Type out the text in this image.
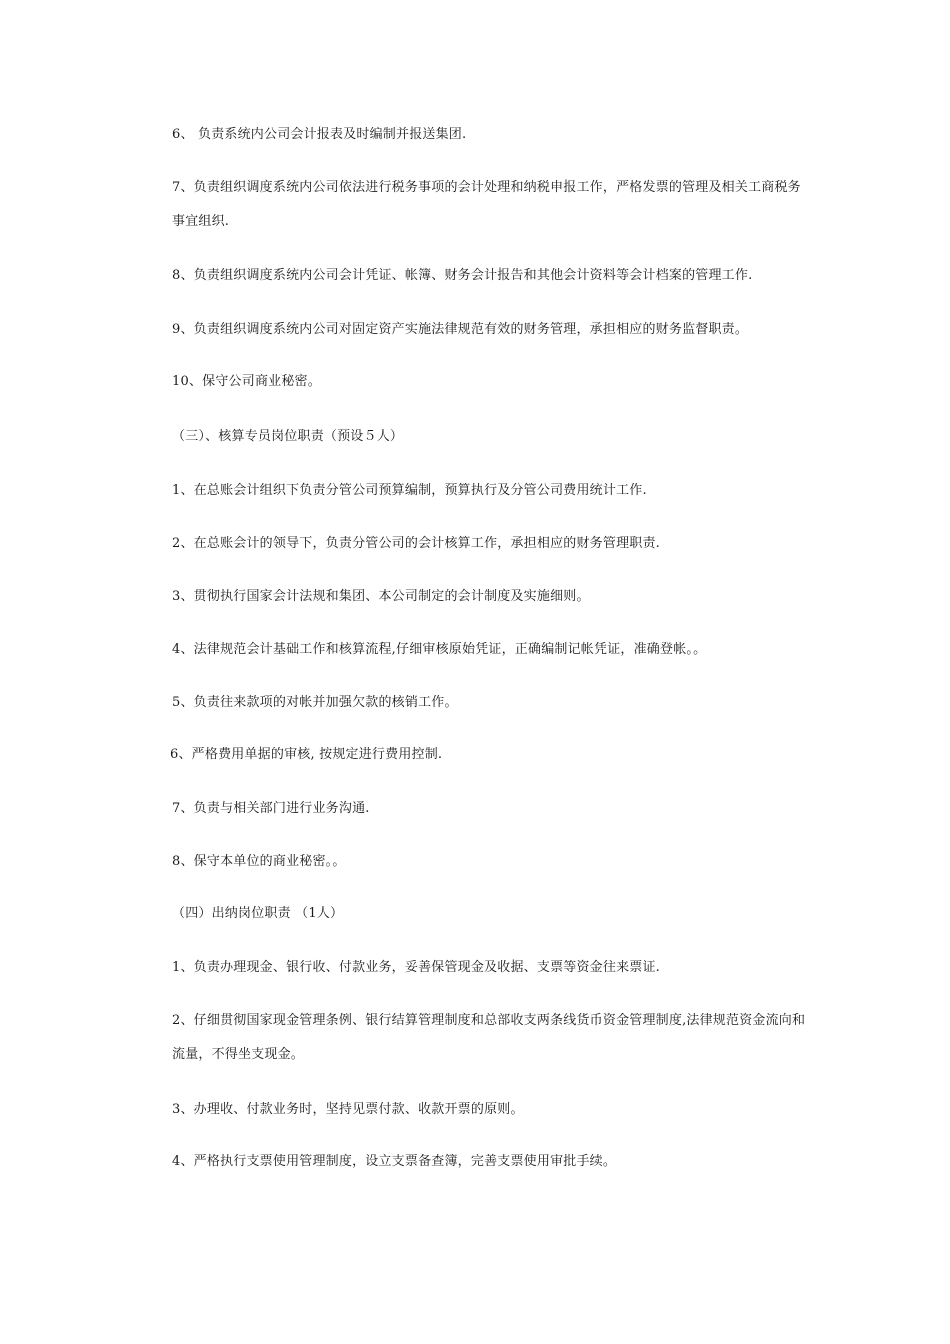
6、 负责系统内公司会计报表及时编制并报送集团.

7、负责组织调度系统内公司依法进行税务事项的会计处理和纳税申报工作，严格发票的管理及相关工商税务事宜组织.

8、负责组织调度系统内公司会计凭证、帐簿、财务会计报告和其他会计资料等会计档案的管理工作.

9、负责组织调度系统内公司对固定资产实施法律规范有效的财务管理，承担相应的财务监督职责。

10、保守公司商业秘密。

（三）、核算专员岗位职责（预设５人）

1、在总账会计组织下负责分管公司预算编制，预算执行及分管公司费用统计工作.

2、在总账会计的领导下，负责分管公司的会计核算工作，承担相应的财务管理职责.

3、贯彻执行国家会计法规和集团、本公司制定的会计制度及实施细则。

4、法律规范会计基础工作和核算流程,仔细审核原始凭证，正确编制记帐凭证，准确登帐。。

5、负责往来款项的对帐并加强欠款的核销工作。

6、严格费用单据的审核, 按规定进行费用控制.

7、负责与相关部门进行业务沟通.

8、保守本单位的商业秘密。。

（四）出纳岗位职责 （1人）

1、负责办理现金、银行收、付款业务，妥善保管现金及收据、支票等资金往来票证.

2、仔细贯彻国家现金管理条例、银行结算管理制度和总部收支两条线货币资金管理制度,法律规范资金流向和流量，不得坐支现金。

3、办理收、付款业务时，坚持见票付款、收款开票的原则。

4、严格执行支票使用管理制度，设立支票备查簿，完善支票使用审批手续。
